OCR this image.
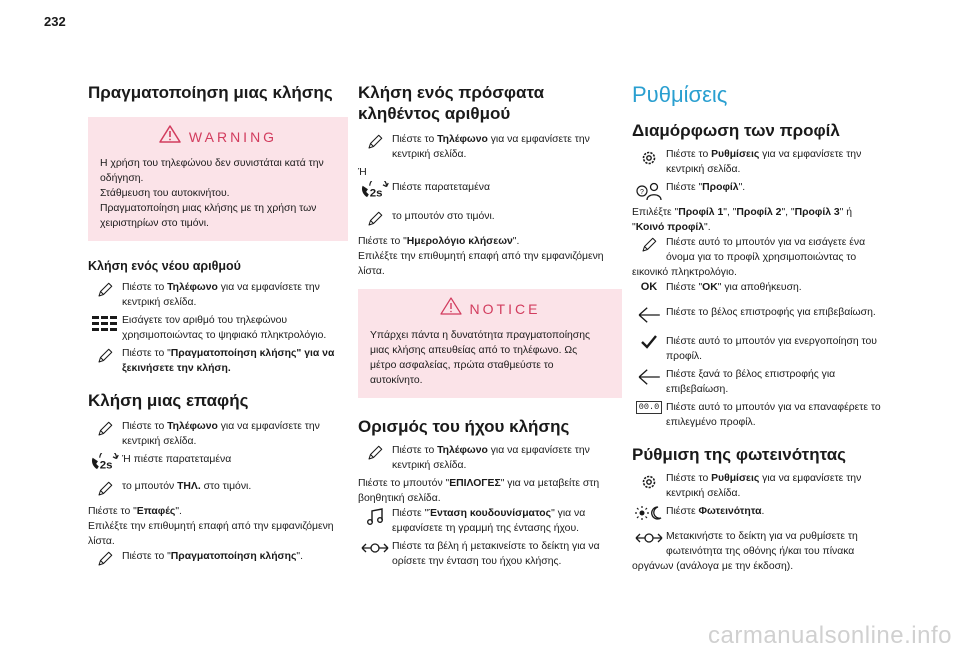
232
Πραγματοποίηση μιας κλήσης
WARNING
Η χρήση του τηλεφώνου δεν συνιστάται κατά την
οδήγηση.
Στάθμευση του αυτοκινήτου.
Πραγματοποίηση μιας κλήσης με τη χρήση των
χειριστηρίων στο τιμόνι.
Κλήση ενός νέου αριθμού
Πιέστε το Τηλέφωνο για να εμφανίσετε την
κεντρική σελίδα.
Εισάγετε τον αριθμό του τηλεφώνου
χρησιμοποιώντας το ψηφιακό πληκτρολόγιο.
Πιέστε το "Πραγματοποίηση κλήσης" για να
ξεκινήσετε την κλήση.
Κλήση μιας επαφής
Πιέστε το Τηλέφωνο για να εμφανίσετε την
κεντρική σελίδα.
Ή πιέστε παρατεταμένα
το μπουτόν ΤΗΛ. στο τιμόνι.
Πιέστε το "Επαφές".
Επιλέξτε την επιθυμητή επαφή από την εμφανιζόμενη
λίστα.
Πιέστε το "Πραγματοποίηση κλήσης".
Κλήση ενός πρόσφατα
κληθέντος αριθμού
Πιέστε το Τηλέφωνο για να εμφανίσετε την
κεντρική σελίδα.
Ή
Πιέστε παρατεταμένα
το μπουτόν στο τιμόνι.
Πιέστε το "Ημερολόγιο κλήσεων".
Επιλέξτε την επιθυμητή επαφή από την εμφανιζόμενη
λίστα.
NOTICE
Υπάρχει πάντα η δυνατότητα πραγματοποίησης
μιας κλήσης απευθείας από το τηλέφωνο. Ως
μέτρο ασφαλείας, πρώτα σταθμεύστε το
αυτοκίνητο.
Ορισμός του ήχου κλήσης
Πιέστε το Τηλέφωνο για να εμφανίσετε την
κεντρική σελίδα.
Πιέστε το μπουτόν "ΕΠΙΛΟΓΕΣ" για να μεταβείτε στη
βοηθητική σελίδα.
Πιέστε "Ένταση κουδουνίσματος" για να
εμφανίσετε τη γραμμή της έντασης ήχου.
Πιέστε τα βέλη ή μετακινείστε το δείκτη για να
ορίσετε την ένταση του ήχου κλήσης.
Ρυθμίσεις
Διαμόρφωση των προφίλ
Πιέστε το Ρυθμίσεις για να εμφανίσετε την
κεντρική σελίδα.
? Πιέστε "Προφίλ".
Επιλέξτε "Προφίλ 1", "Προφίλ 2", "Προφίλ 3" ή
"Κοινό προφίλ".
Πιέστε αυτό το μπουτόν για να εισάγετε ένα
όνομα για το προφίλ χρησιμοποιώντας το
εικονικό πληκτρολόγιο.
OK Πιέστε "OK" για αποθήκευση.
Πιέστε το βέλος επιστροφής για επιβεβαίωση.
Πιέστε αυτό το μπουτόν για ενεργοποίηση του
προφίλ.
Πιέστε ξανά το βέλος επιστροφής για
επιβεβαίωση.
00.0 Πιέστε αυτό το μπουτόν για να επαναφέρετε το
επιλεγμένο προφίλ.
Ρύθμιση της φωτεινότητας
Πιέστε το Ρυθμίσεις για να εμφανίσετε την
κεντρική σελίδα.
Πιέστε Φωτεινότητα.
Μετακινήστε το δείκτη για να ρυθμίσετε τη
φωτεινότητα της οθόνης ή/και του πίνακα
οργάνων (ανάλογα με την έκδοση).
carmanualsonline.info
